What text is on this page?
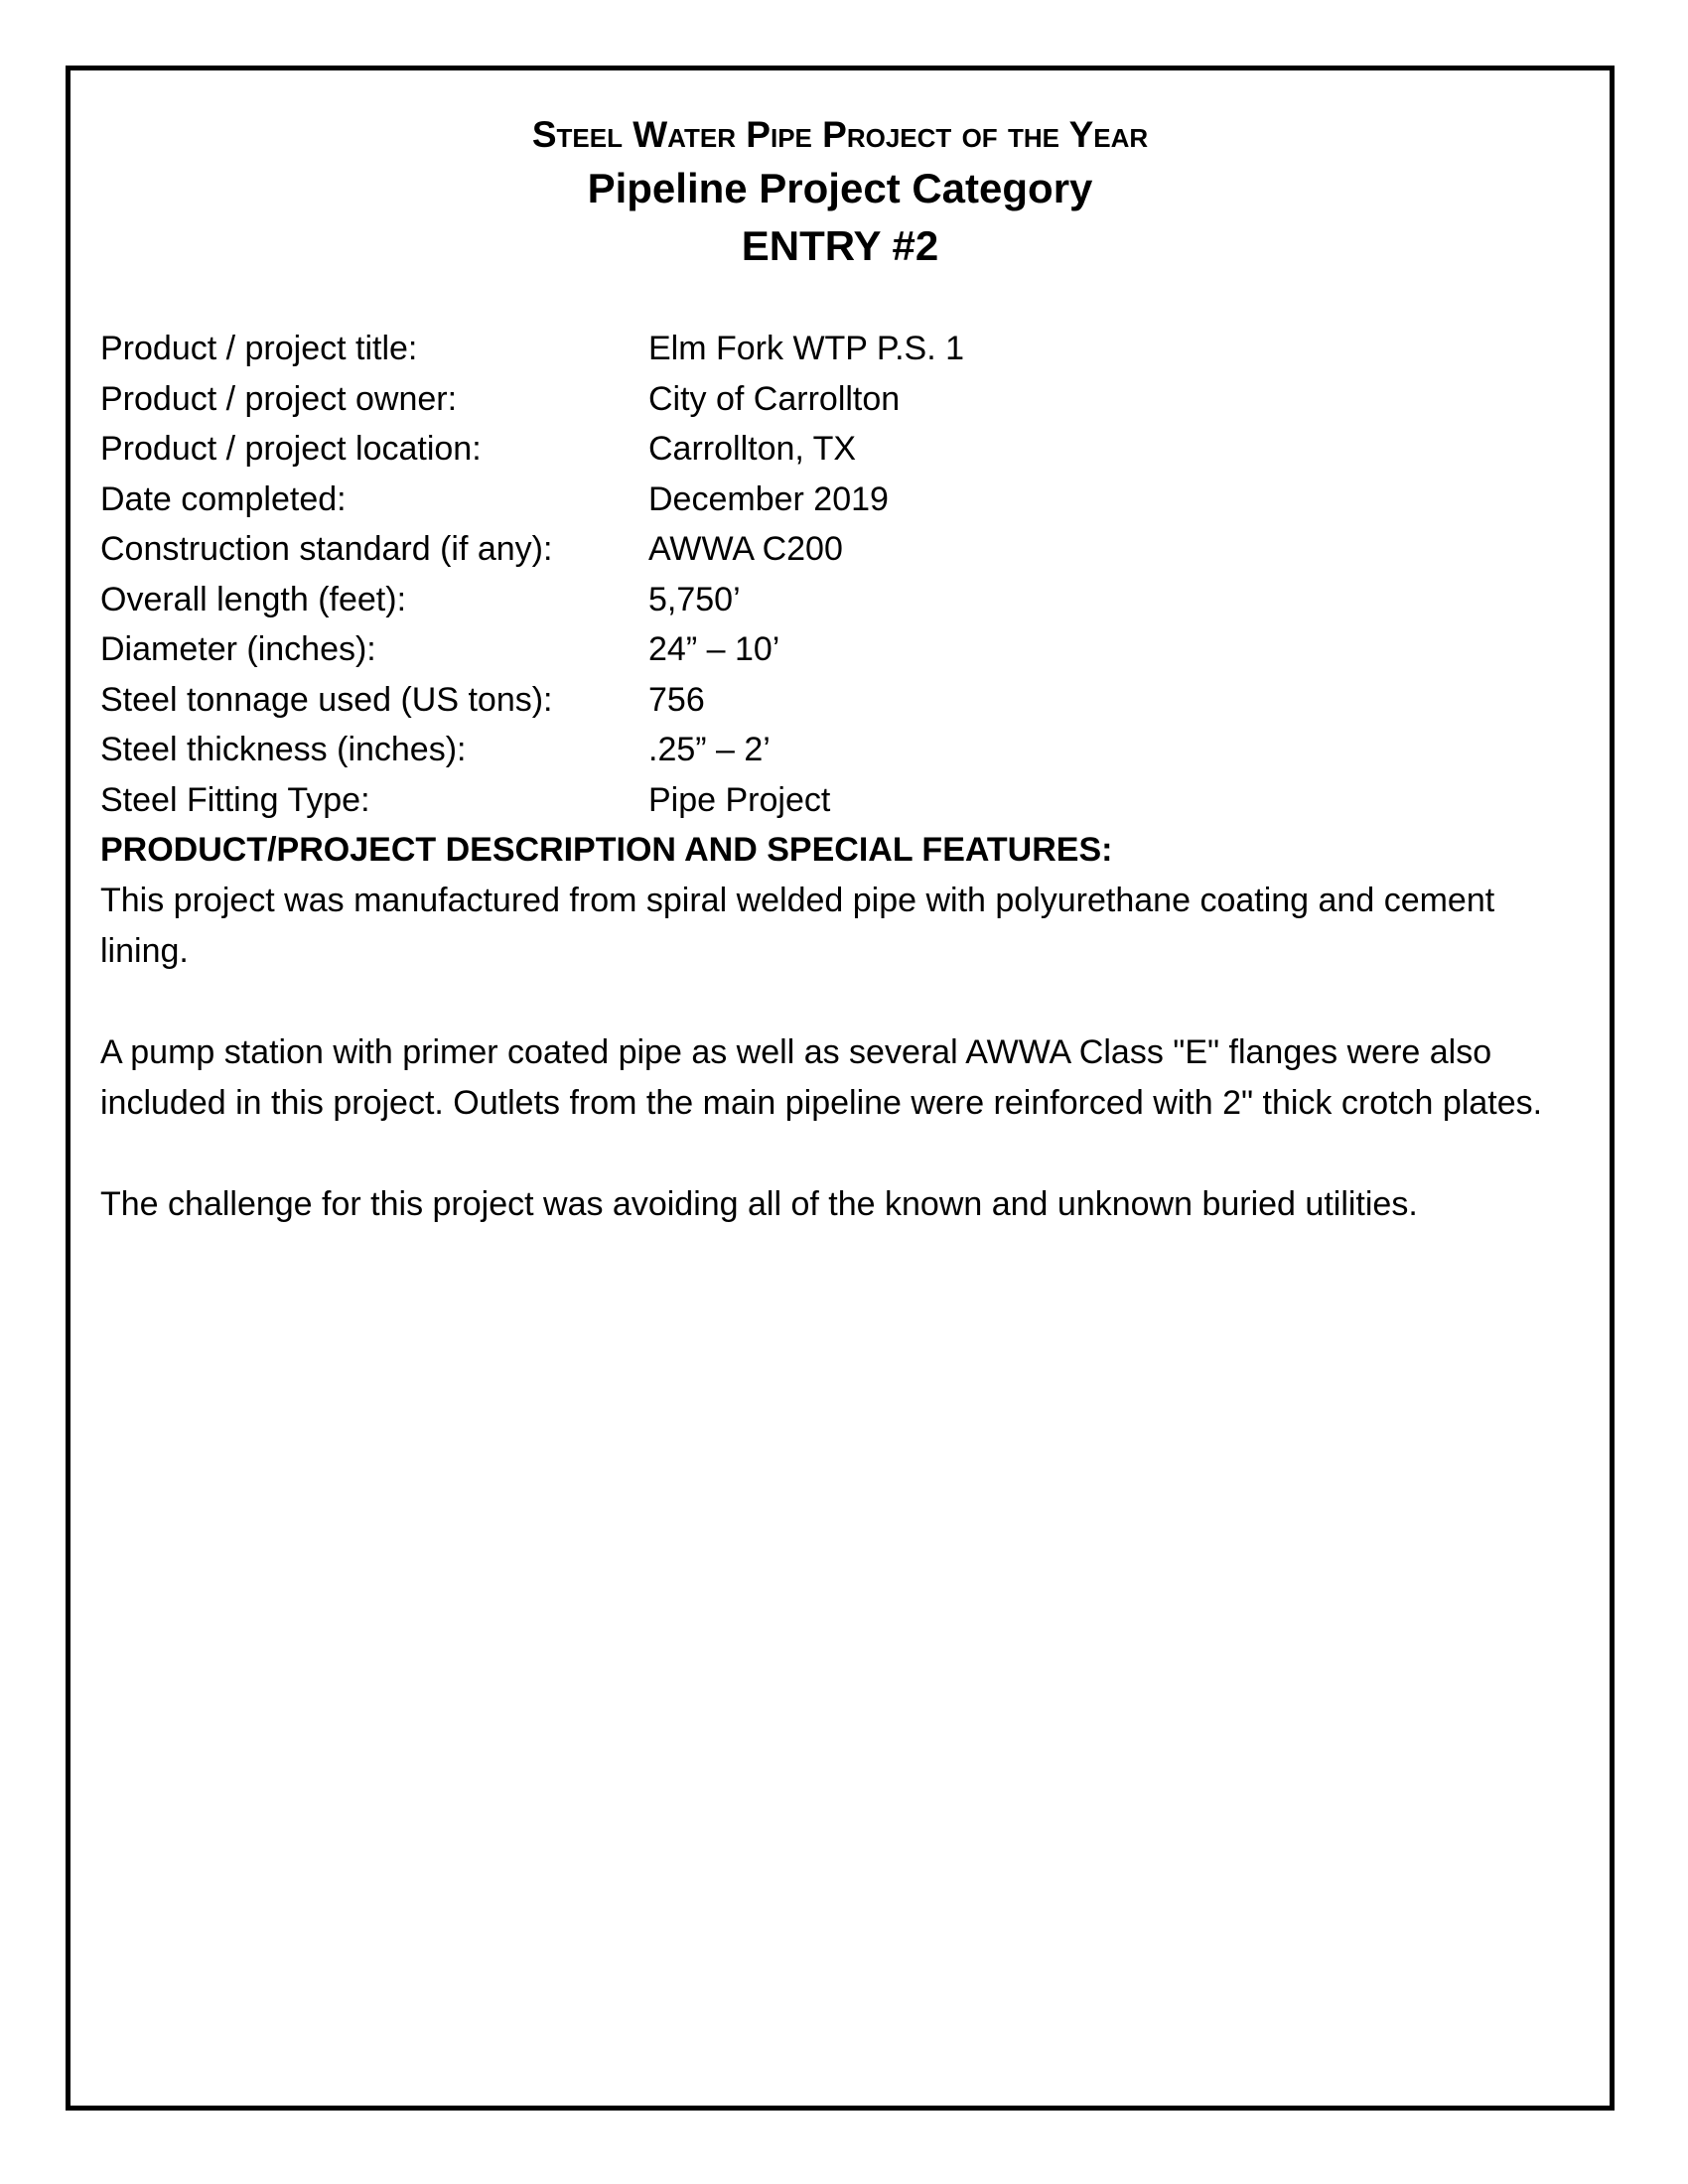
Steel Water Pipe Project of the Year

Pipeline Project Category

ENTRY #2

Product / project title:	Elm Fork WTP P.S. 1
Product / project owner:	City of Carrollton
Product / project location:	Carrollton, TX
Date completed:	December 2019
Construction standard (if any):	AWWA C200
Overall length (feet):	5,750’
Diameter (inches):	24” – 10’
Steel tonnage used (US tons):	756
Steel thickness (inches):	.25” – 2’
Steel Fitting Type:	Pipe Project

PRODUCT/PROJECT DESCRIPTION AND SPECIAL FEATURES:

This project was manufactured from spiral welded pipe with polyurethane coating and cement lining.

A pump station with primer coated pipe as well as several AWWA Class "E" flanges were also included in this project. Outlets from the main pipeline were reinforced with 2" thick crotch plates.

The challenge for this project was avoiding all of the known and unknown buried utilities.
